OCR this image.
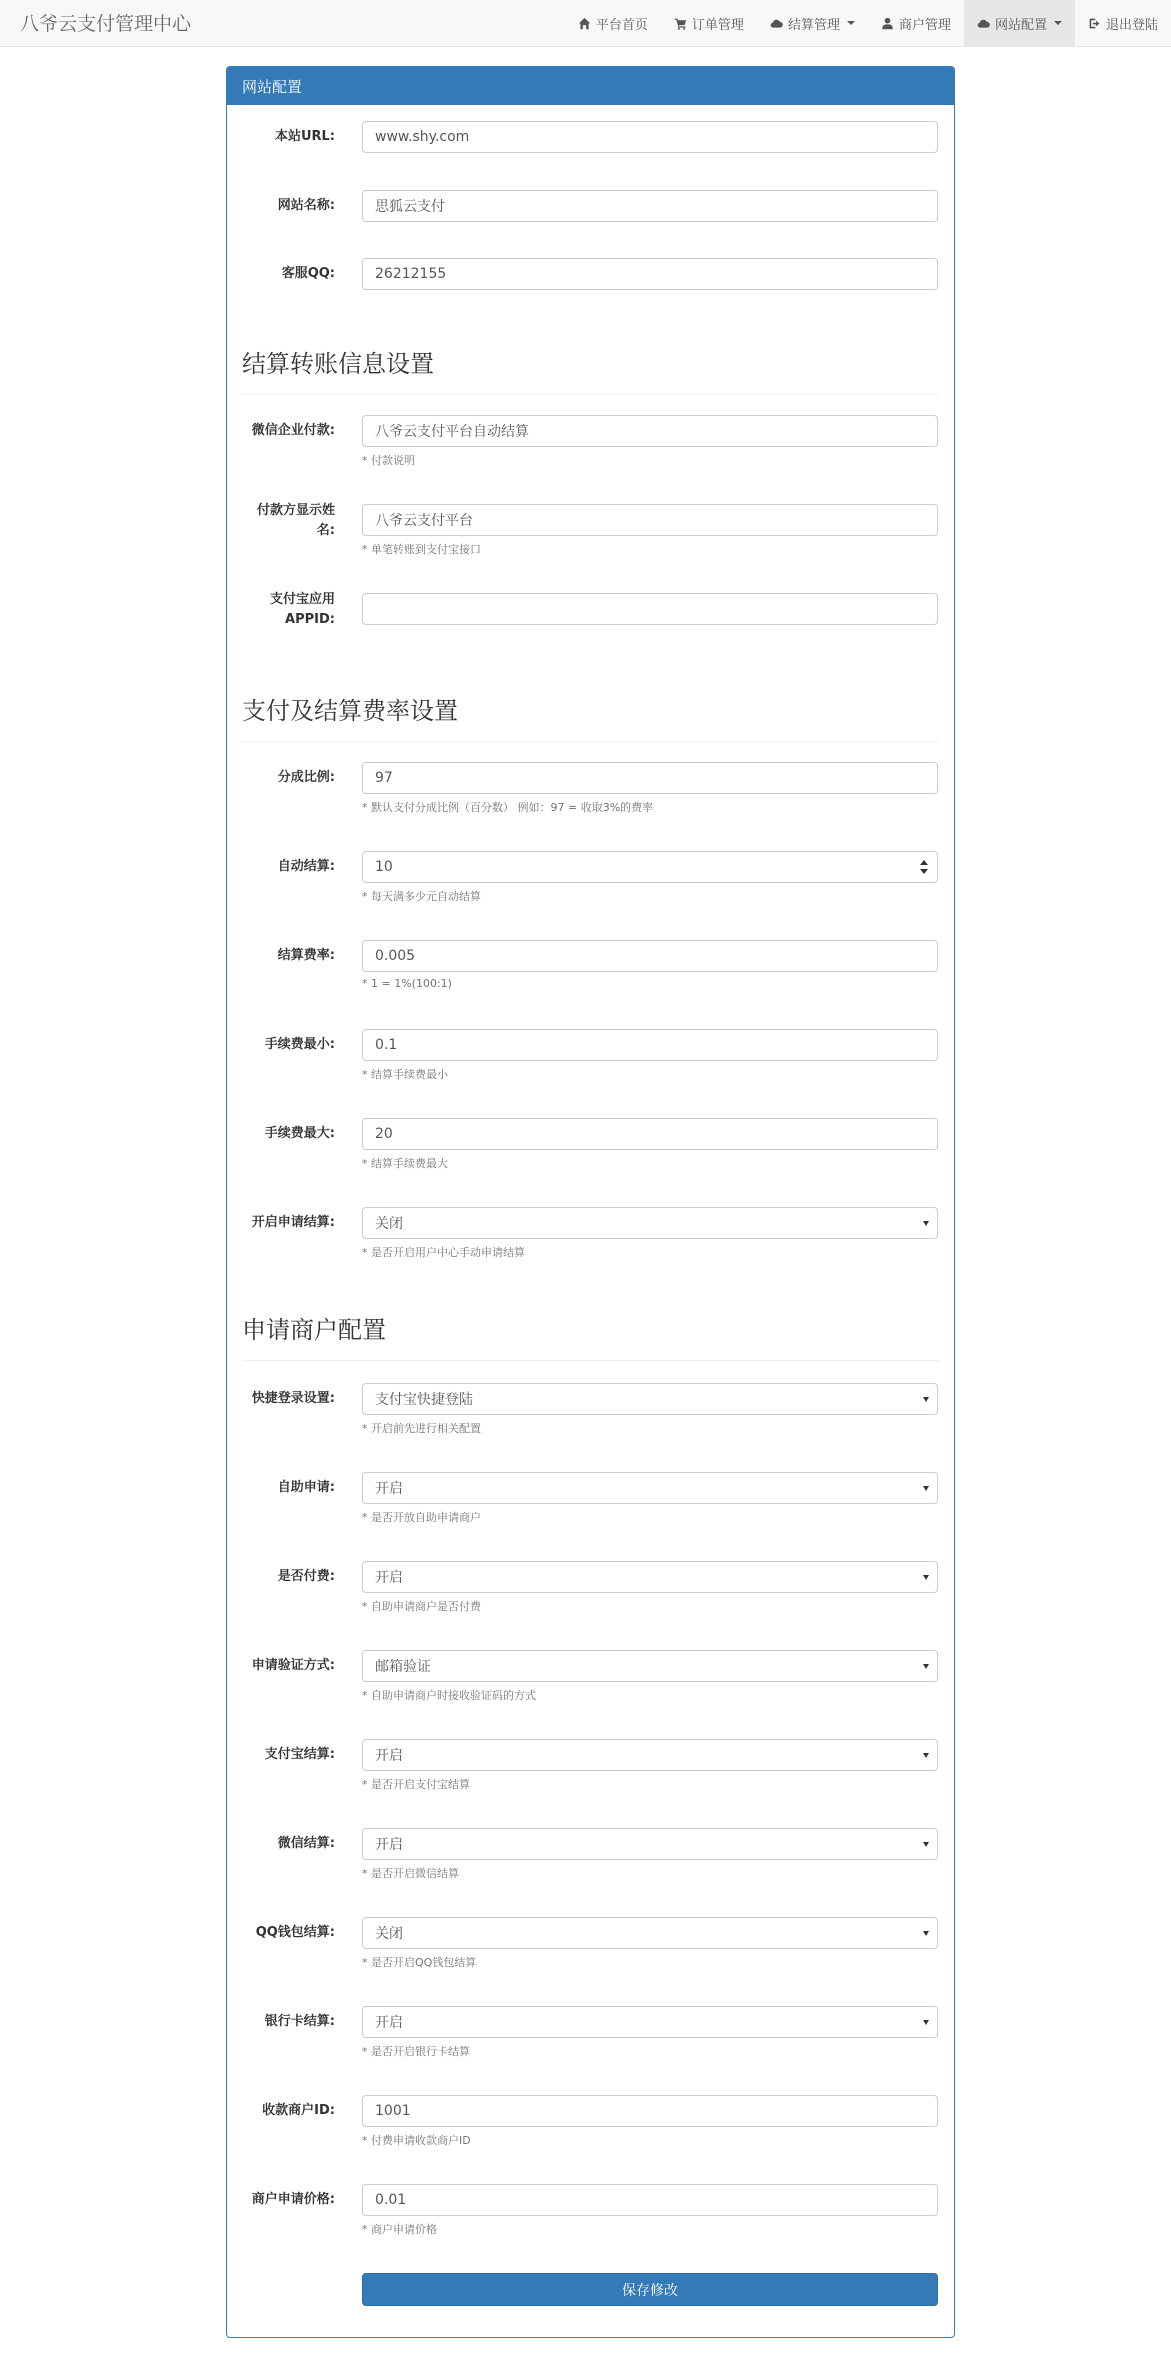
八爷云支付管理中心	平台首页	订单管理	结算管理	商户管理	网站配置	退出登陆
网站配置
本站URL:	www.shy.com
网站名称:	思狐云支付
客服QQ:	26212155
结算转账信息设置
微信企业付款:	八爷云支付平台自动结算
* 付款说明
付款方显示姓
名:
八爷云支付平台
* 单笔转账到支付宝接口
支付宝应用
APPID:
支付及结算费率设置
分成比例:	97
* 默认支付分成比例（百分数） 例如：97 = 收取3%的费率
自动结算:	10
* 每天满多少元自动结算
结算费率:	0.005
* 1 = 1%(100:1)
手续费最小:	0.1
* 结算手续费最小
手续费最大:	20
* 结算手续费最大
开启申请结算:	关闭
* 是否开启用户中心手动申请结算
申请商户配置
快捷登录设置:	支付宝快捷登陆
* 开启前先进行相关配置
自助申请:	开启
* 是否开放自助申请商户
是否付费:	开启
* 自助申请商户是否付费
申请验证方式:	邮箱验证
* 自助申请商户时接收验证码的方式
支付宝结算:	开启
* 是否开启支付宝结算
微信结算:	开启
* 是否开启微信结算
QQ钱包结算:	关闭
* 是否开启QQ钱包结算
银行卡结算:	开启
* 是否开启银行卡结算
收款商户ID:	1001
* 付费申请收款商户ID
商户申请价格:	0.01
* 商户申请价格
保存修改
